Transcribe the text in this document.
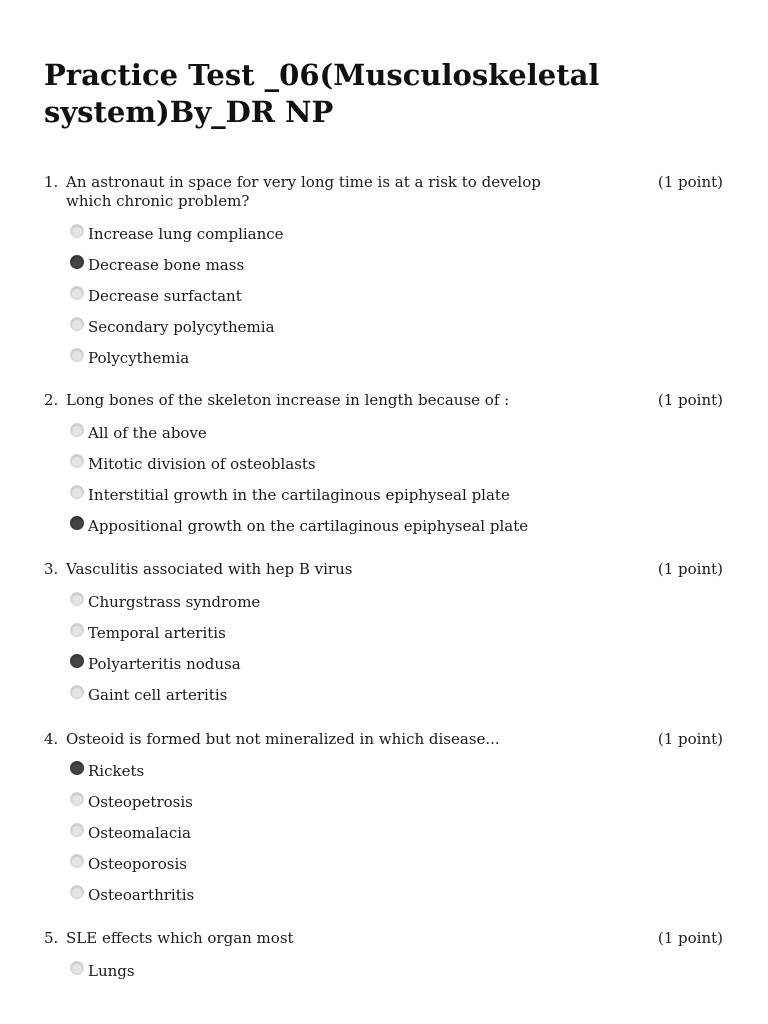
Practice Test _06(Musculoskeletal system)By_DR NP
1. An astronaut in space for very long time is at a risk to develop which chronic problem?
(1 point)
Increase lung compliance
Decrease bone mass
Decrease surfactant
Secondary polycythemia
Polycythemia
2. Long bones of the skeleton increase in length because of :	(1 point)
All of the above
Mitotic division of osteoblasts
Interstitial growth in the cartilaginous epiphyseal plate
Appositional growth on the cartilaginous epiphyseal plate
3. Vasculitis associated with hep B virus	(1 point)
Churgstrass syndrome
Temporal arteritis
Polyarteritis nodusa
Gaint cell arteritis
4. Osteoid is formed but not mineralized in which disease...	(1 point)
Rickets
Osteopetrosis
Osteomalacia
Osteoporosis
Osteoarthritis
5. SLE effects which organ most	(1 point)
Lungs
